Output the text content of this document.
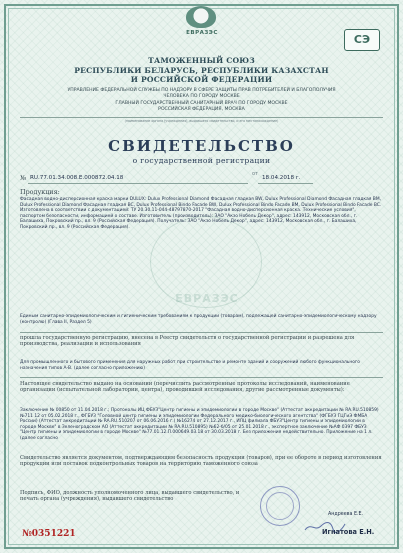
ЕВРАЗЭС
ЕВРАЗЭС	СЭ
ТАМОЖЕННЫЙ СОЮЗ
РЕСПУБЛИКИ БЕЛАРУСЬ, РЕСПУБЛИКИ КАЗАХСТАН
И РОССИЙСКОЙ ФЕДЕРАЦИИ
УПРАВЛЕНИЕ ФЕДЕРАЛЬНОЙ СЛУЖБЫ ПО НАДЗОРУ В СФЕРЕ ЗАЩИТЫ ПРАВ ПОТРЕБИТЕЛЕЙ И БЛАГОПОЛУЧИЯ
ЧЕЛОВЕКА ПО ГОРОДУ МОСКВЕ
ГЛАВНЫЙ ГОСУДАРСТВЕННЫЙ САНИТАРНЫЙ ВРАЧ ПО ГОРОДУ МОСКВЕ
РОССИЙСКАЯ ФЕДЕРАЦИЯ, МОСКВА
(наименование органа (учреждения), выдавшего свидетельство, и его местонахождение)
СВИДЕТЕЛЬСТВО
о государственной регистрации
№ RU.77.01.34.008.Е.000872.04.18
от
18.04.2018 г.
Продукция:
Фасадная водно-дисперсионная краска марки DULUX: Dulux Professional Diamond Фасадная гладкая BW, Dulux Professional Diamond Фасадная гладкая BM, Dulux Professional Diamond Фасадная гладкая BC, Dulux Professional Bindo Facade BW, Dulux Professional Bindo Facade BM, Dulux Professional Bindo Facade BC. Изготовлена в соответствии с документацией: ТУ 20.30.11-044-48797870-2017 "Фасадная водно-дисперсионная краска. Технические условия", паспортом безопасности, информацией о составе. Изготовитель (производитель): ЗАО "Акзо Нобель Декор", адрес: 143912, Московская обл., г. Балашиха, Покровский пр., вл. 9 (Российская Федерация). Получатель: ЗАО "Акзо Нобель Декор", адрес: 143912, Московская обл., г. Балашиха, Покровский пр., вл. 9 (Российская Федерация).
Единым санитарно-эпидемиологическим и гигиеническим требованиям к продукции (товарам), подлежащей санитарно-эпидемиологическому надзору (контролю) (Глава II, Раздел 5)
прошла государственную регистрацию, внесена в Реестр свидетельств о государственной регистрации и разрешена для производства, реализации и использования
Для промышленного и бытового применения для наружных работ при строительстве и ремонте зданий и сооружений любого функционального назначения типов А-В. (далее согласно приложению)
Настоящее свидетельство выдано на основании (перечислить рассмотренные протоколы исследований, наименование организации (испытательной лаборатории, центра), проводившей исследования, другие рассмотренные документы):
Заключение № 00850 от 11.04.2018 г.; Протоколы ИЦ ФБУЗ"Центр гигиены и эпидемиологии в городе Москве" (Аттестат аккредитации № RA.RU.510859) №711 12 от 05.02.2018 г., ФГБУЗ "Головной центр гигиены и эпидемиологии Федерального медико-биологического агентства" (ФГБУЗ ГЦГиЭ ФМБА России) (Аттестат аккредитации № RA.RU.510207 от 06.06.2016 г.) №16274 от 27.12.2017 г., ИЛЦ филиала ФБУЗ"Центр гигиены и эпидемиологии в городе Москве" в Зеленоградском АО (Аттестат аккредитации № RA.RU.510895) №62-б/05 от 25.01.2018 г., экспертное заключение №АФ 0397 ФБУЗ "Центр гигиены и эпидемиологии в городе Москве" №77.01.12.П.000649.03.18 от 30.03.2018 г. Без приложения недействительно. Приложение на 1 л. (далее согласно
Свидетельство является документом, подтверждающим безопасность продукции (товаров), при ее обороте в период изготовления продукции или поставок подконтрольных товаров на территорию таможенного союза
Подпись, ФИО, должность уполномоченного лица, выдавшего свидетельство, и печать органа (учреждения), выдавшего свидетельство
Андреева Е.Е.
Игнатова Е.Н.
№0351221
